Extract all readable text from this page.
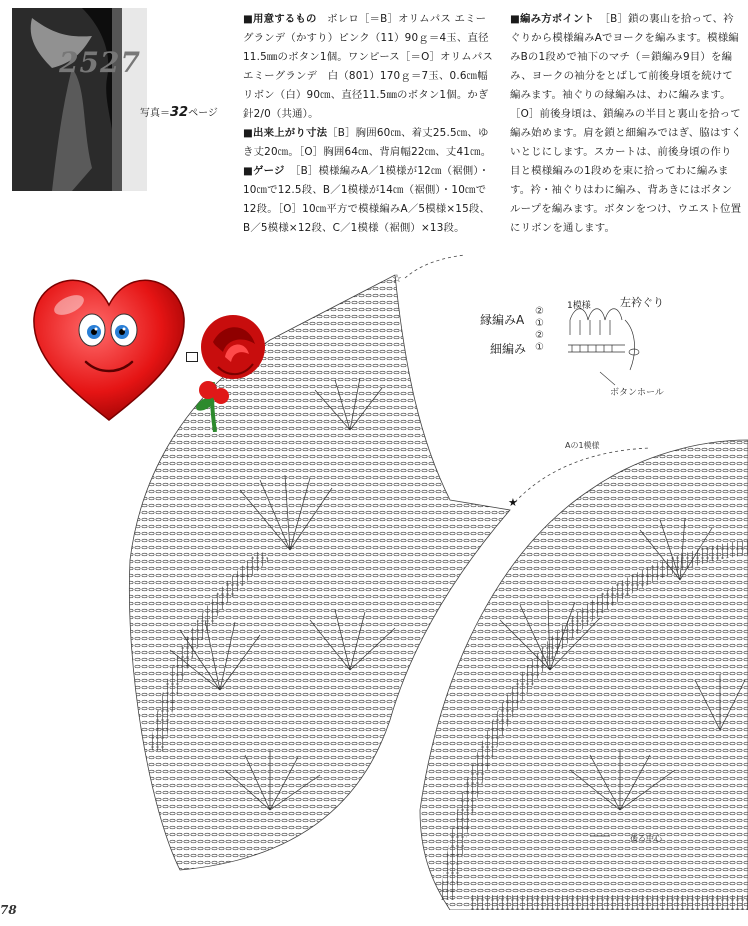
2527
写真＝32ページ

■ 用意するもの　ボレロ［＝B］オリムパス エミーグランデ（かすり）ピンク（11）90ｇ＝4玉、直径11.5㎜のボタン1個。ワンピース［＝O］オリムパス　エミーグランデ　白（801）170ｇ＝7玉、0.6㎝幅リボン（白）90㎝、直径11.5㎜のボタン1個。かぎ針2/0（共通）。

■ 出来上がり寸法［B］胸囲60㎝、着丈25.5㎝、ゆき丈20㎝。［O］胸囲64㎝、背肩幅22㎝、丈41㎝。

■ ゲージ　［B］模様編みA／1模様が12㎝（裾側）・10㎝で12.5段、B／1模様が14㎝（裾側）・10㎝で12段。［O］10㎝平方で模様編みA／5模様×15段、B／5模様×12段、C／1模様（裾側）×13段。

■ 編み方ポイント　［B］鎖の裏山を拾って、衿ぐりから模様編みAでヨークを編みます。模様編みBの1段めで袖下のマチ（＝鎖編み9目）を編み、ヨークの袖分をとばして前後身頃を続けて編みます。袖ぐりの縁編みは、わに編みます。［O］前後身頃は、鎖編みの半目と裏山を拾って編み始めます。肩を鎖と細編みではぎ、脇はすくいとじにします。スカートは、前後身頃の作り目と模様編みの1段めを束に拾ってわに編みます。衿・袖ぐりはわに編み、背あきにはボタンループを編みます。ボタンをつけ、ウエスト位置にリボンを通します。

☆
★
Aの1模様
後ろ中心
1模様	左衿ぐり
縁編みA
細編み
②
①
②
①
ボタンホール
78
